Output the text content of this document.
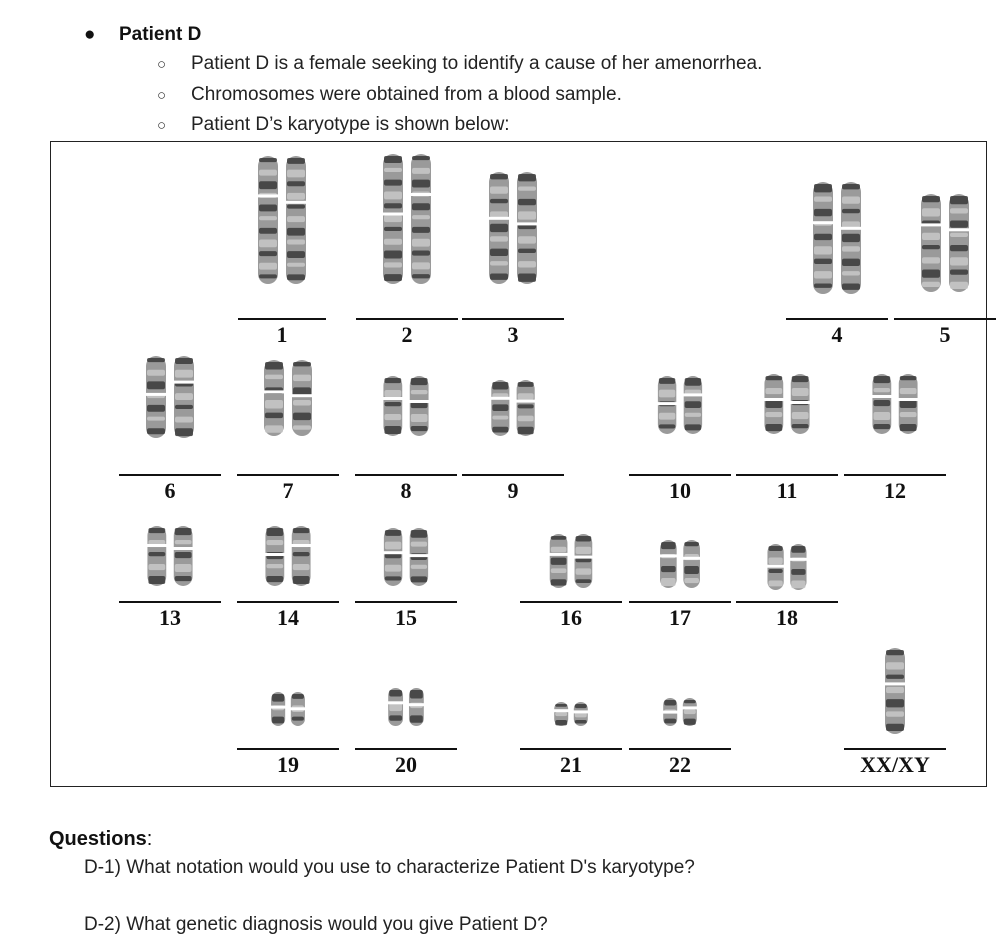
● Patient D
○ Patient D is a female seeking to identify a cause of her amenorrhea.
○ Chromosomes were obtained from a blood sample.
○ Patient D’s karyotype is shown below:
1	2	3	4	5
6	7	8	9	10	11	12
13	14	15	16	17	18
19	20	21	22	XX/XY
Questions:
D-1) What notation would you use to characterize Patient D's karyotype?
D-2) What genetic diagnosis would you give Patient D?
